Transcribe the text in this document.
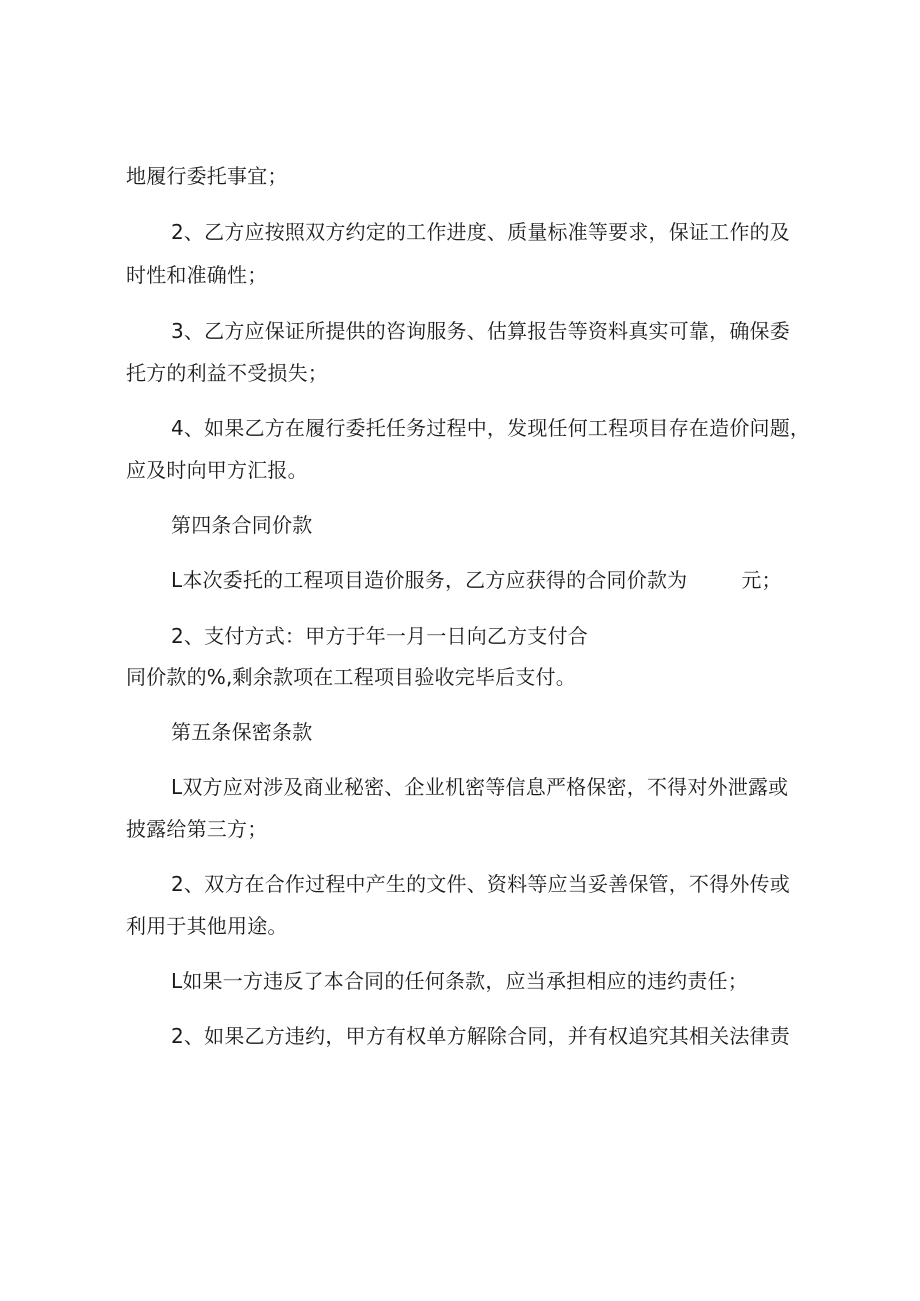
地履行委托事宜；
2、乙方应按照双方约定的工作进度、质量标准等要求，保证工作的及
时性和准确性；
3、乙方应保证所提供的咨询服务、估算报告等资料真实可靠，确保委
托方的利益不受损失；
4、如果乙方在履行委托任务过程中，发现任何工程项目存在造价问题，
应及时向甲方汇报。
第四条合同价款
L本次委托的工程项目造价服务，乙方应获得的合同价款为	元；
2、支付方式：甲方于年一月一日向乙方支付合
同价款的%,剩余款项在工程项目验收完毕后支付。
第五条保密条款
L双方应对涉及商业秘密、企业机密等信息严格保密，不得对外泄露或
披露给第三方；
2、双方在合作过程中产生的文件、资料等应当妥善保管，不得外传或
利用于其他用途。
L如果一方违反了本合同的任何条款，应当承担相应的违约责任；
2、如果乙方违约，甲方有权单方解除合同，并有权追究其相关法律责
